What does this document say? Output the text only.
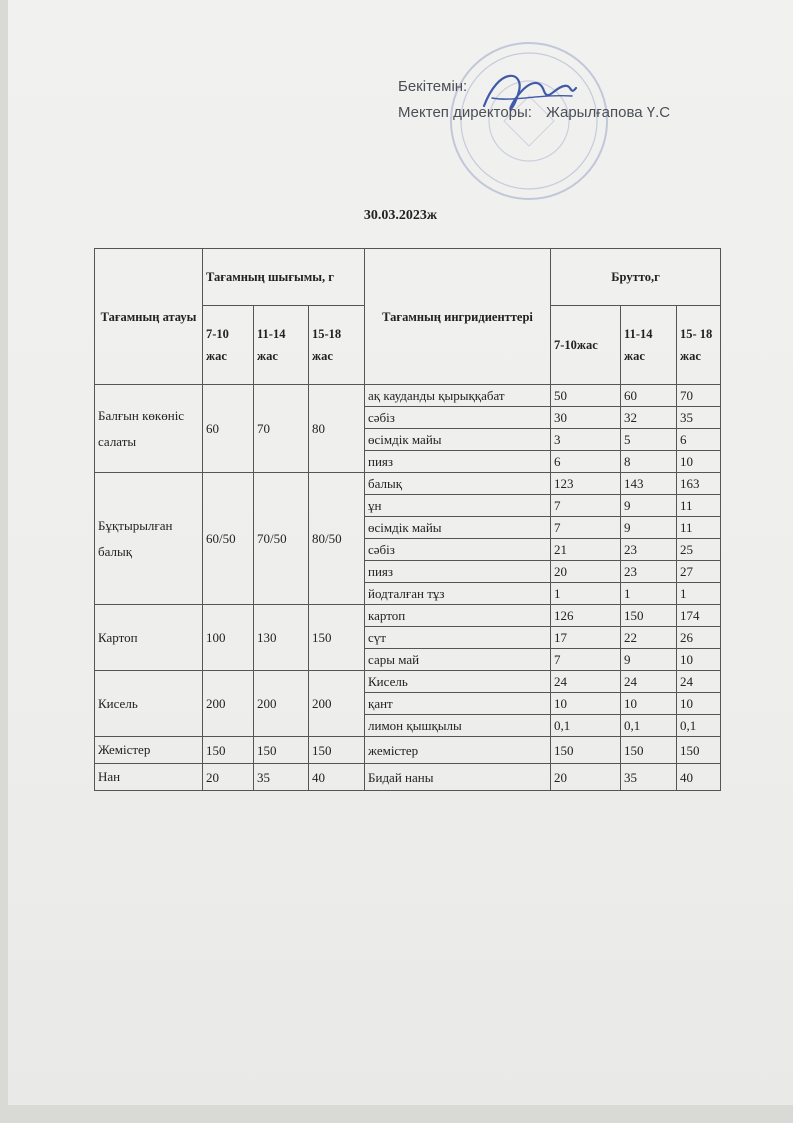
Бекітемін:
Мектеп директоры: Жарылғапова Ү.С
30.03.2023ж
Тағамның атауы	Тағамның шығымы, г			Тағамның ингридиенттері	Брутто,г		
	7-10 жас	11-14 жас	15-18 жас		7-10жас	11-14 жас	15- 18 жас
Балғын көкөніс салаты	60	70	80	ақ кауданды қырыққабат	50	60	70
				сәбіз	30	32	35
				өсімдік майы	3	5	6
				пияз	6	8	10
Бұқтырылған балық	60/50	70/50	80/50	балық	123	143	163
				ұн	7	9	11
				өсімдік майы	7	9	11
				сәбіз	21	23	25
				пияз	20	23	27
				йодталған тұз	1	1	1
Картоп	100	130	150	картоп	126	150	174
				сүт	17	22	26
				сары май	7	9	10
Кисель	200	200	200	Кисель	24	24	24
				қант	10	10	10
				лимон қышқылы	0,1	0,1	0,1
Жемістер	150	150	150	жемістер	150	150	150
Нан	20	35	40	Бидай наны	20	35	40
